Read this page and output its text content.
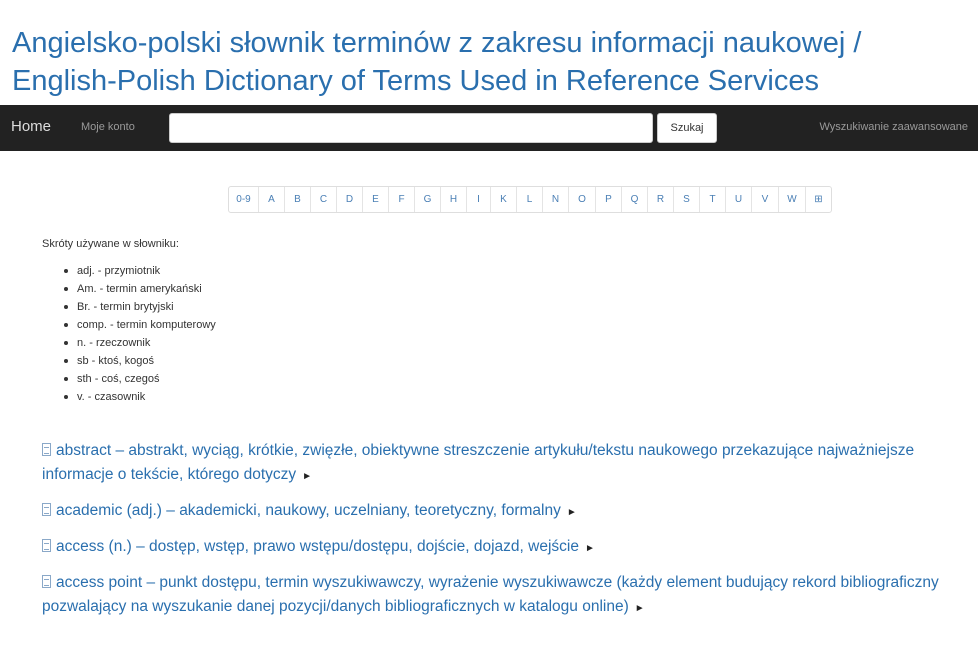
Angielsko-polski słownik terminów z zakresu informacji naukowej /
English-Polish Dictionary of Terms Used in Reference Services
Home	Moje konto	Szukaj	Wyszukiwanie zaawansowane
0-9	A	B	C	D	E	F	G	H	I	K	L	N	O	P	Q	R	S	T	U	V	W	⊞
Skróty używane w słowniku:
adj. - przymiotnik
Am. - termin amerykański
Br. - termin brytyjski
comp. - termin komputerowy
n. - rzeczownik
sb - ktoś, kogoś
sth - coś, czegoś
v. - czasownik
abstract – abstrakt, wyciąg, krótkie, zwięzłe, obiektywne streszczenie artykułu/tekstu naukowego przekazujące najważniejsze informacje o tekście, którego dotyczy ►
academic (adj.) – akademicki, naukowy, uczelniany, teoretyczny, formalny ►
access (n.) – dostęp, wstęp, prawo wstępu/dostępu, dojście, dojazd, wejście ►
access point – punkt dostępu, termin wyszukiwawczy, wyrażenie wyszukiwawcze (każdy element budujący rekord bibliograficzny pozwalający na wyszukanie danej pozycji/danych bibliograficznych w katalogu online) ►
